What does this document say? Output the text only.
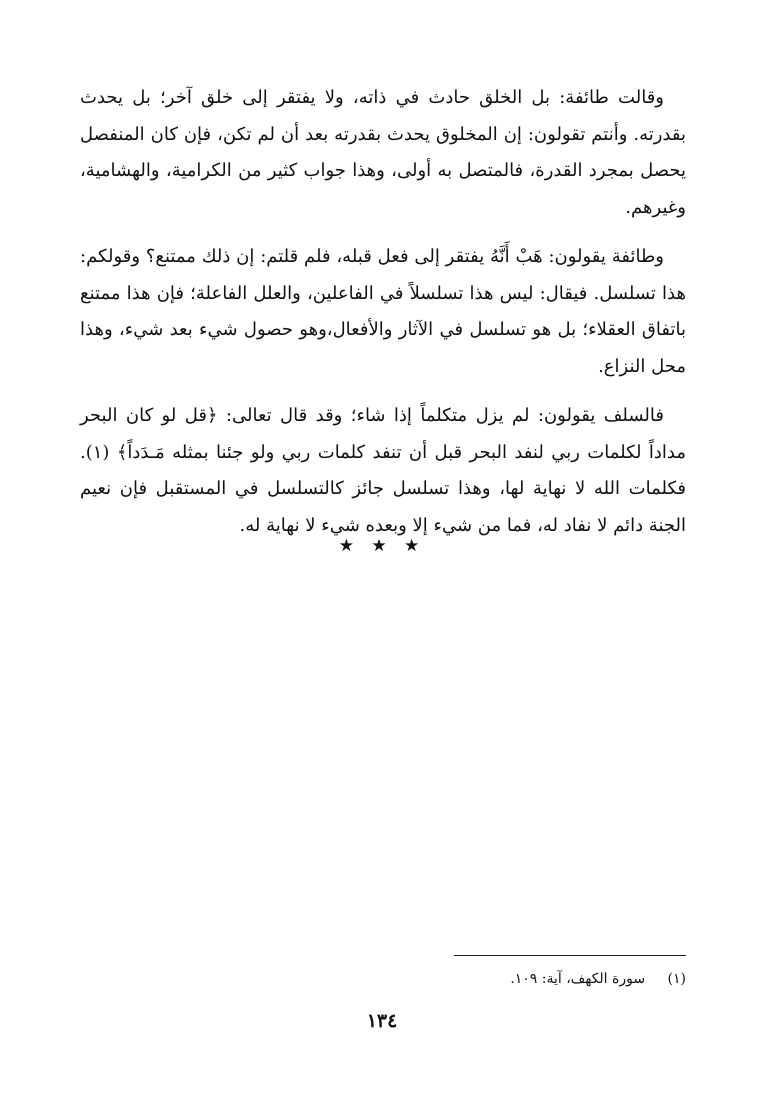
وقالت طائفة: بل الخلق حادث في ذاته، ولا يفتقر إلى خلق آخر؛ بل يحدث بقدرته. وأنتم تقولون: إن المخلوق يحدث بقدرته بعد أن لم تكن، فإن كان المنفصل يحصل بمجرد القدرة، فالمتصل به أولى، وهذا جواب كثير من الكرامية، والهشامية، وغيرهم.

وطائفة يقولون: هَبْ أَنَّهُ يفتقر إلى فعل قبله، فلم قلتم: إن ذلك ممتنع؟ وقولكم: هذا تسلسل. فيقال: ليس هذا تسلسلاً في الفاعلين، والعلل الفاعلة؛ فإن هذا ممتنع باتفاق العقلاء؛ بل هو تسلسل في الآثار والأفعال،وهو حصول شيء بعد شيء، وهذا محل النزاع.

فالسلف يقولون: لم يزل متكلماً إذا شاء؛ وقد قال تعالى: ﴿قل لو كان البحر مداداً لكلمات ربي لنفد البحر قبل أن تنفد كلمات ربي ولو جئنا بمثله مَـدَداً﴾ (١). فكلمات الله لا نهاية لها، وهذا تسلسل جائز كالتسلسل في المستقبل فإن نعيم الجنة دائم لا نفاد له، فما من شيء إلا وبعده شيء لا نهاية له.

★ ★ ★
(١) سورة الكهف، آية: ١٠٩.
١٣٤
